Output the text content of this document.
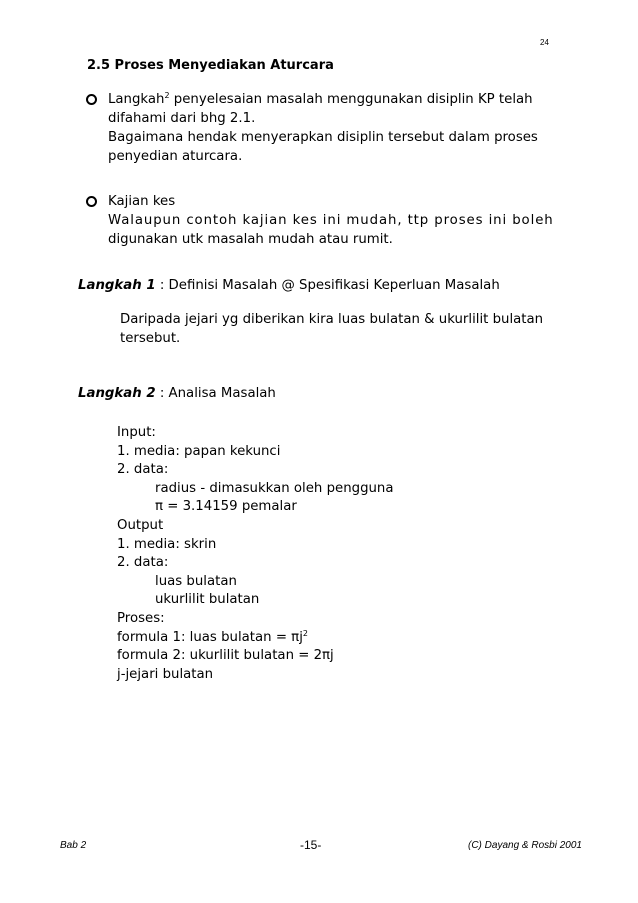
24
2.5 Proses Menyediakan Aturcara
Langkah$^2$ penyelesaian masalah menggunakan disiplin KP telah
difahami dari bhg 2.1.
Bagaimana hendak menyerapkan disiplin tersebut dalam proses
penyedian aturcara.
Kajian kes
Walaupun contoh kajian kes ini mudah, ttp proses ini boleh
digunakan utk masalah mudah atau rumit.
Langkah 1 : Definisi Masalah @ Spesifikasi Keperluan Masalah
Daripada jejari yg diberikan kira luas bulatan & ukurlilit bulatan
tersebut.
Langkah 2 : Analisa Masalah
Input:
1. media: papan kekunci
2. data:
radius - dimasukkan oleh pengguna
π = 3.14159 pemalar
Output
1. media: skrin
2. data:
luas bulatan
ukurlilit bulatan
Proses:
formula 1: luas bulatan = $\pi j^2$
formula 2: ukurlilit bulatan = 2πj
j-jejari bulatan
Bab 2	-15-	(C) Dayang & Rosbi 2001
